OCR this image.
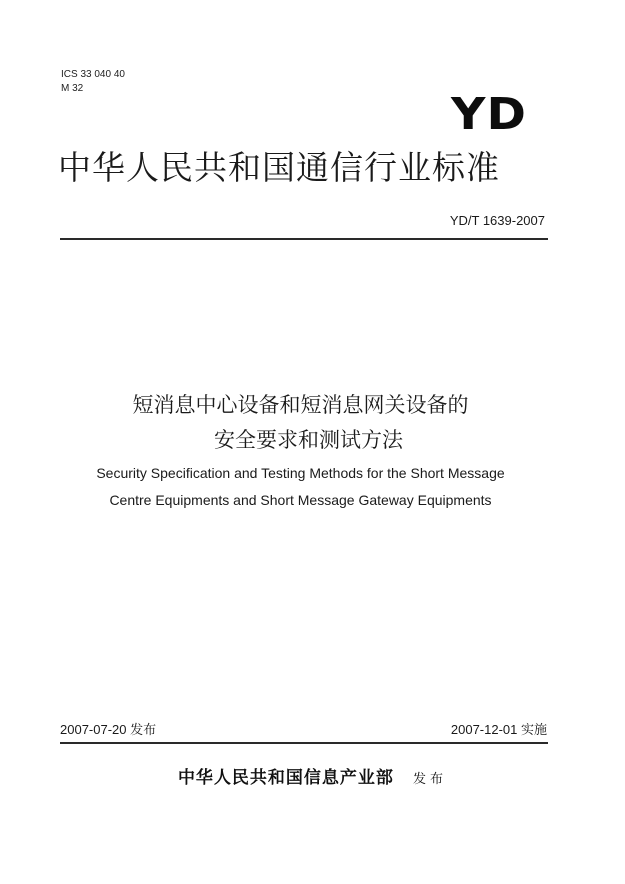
ICS 33 040 40
M 32
YD
中华人民共和国通信行业标准
YD/T 1639-2007
短消息中心设备和短消息网关设备的
安全要求和测试方法
Security Specification and Testing Methods for the Short Message
Centre Equipments and Short Message Gateway Equipments
2007-07-20 发布	2007-12-01 实施
中华人民共和国信息产业部 发布
